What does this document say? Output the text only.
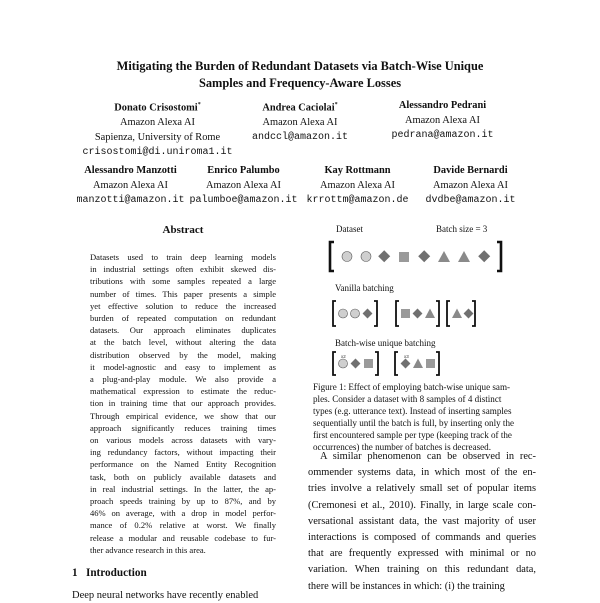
Mitigating the Burden of Redundant Datasets via Batch-Wise Unique
Samples and Frequency-Aware Losses
Donato Crisostomi*
Amazon Alexa AI
Sapienza, University of Rome
crisostomi@di.uniroma1.it
Andrea Caciolai*
Amazon Alexa AI
andccl@amazon.it
Alessandro Pedrani
Amazon Alexa AI
pedrana@amazon.it
Alessandro Manzotti
Amazon Alexa AI
manzotti@amazon.it
Enrico Palumbo
Amazon Alexa AI
palumboe@amazon.it
Kay Rottmann
Amazon Alexa AI
krrottm@amazon.de
Davide Bernardi
Amazon Alexa AI
dvdbe@amazon.it
Abstract
Datasets used to train deep learning models
in industrial settings often exhibit skewed dis-
tributions with some samples repeated a large
number of times. This paper presents a simple
yet effective solution to reduce the increased
burden of repeated computation on redundant
datasets. Our approach eliminates duplicates
at the batch level, without altering the data
distribution observed by the model, making
it model-agnostic and easy to implement as
a plug-and-play module. We also provide a
mathematical expression to estimate the reduc-
tion in training time that our approach provides.
Through empirical evidence, we show that our
approach significantly reduces training times
on various models across datasets with vary-
ing redundancy factors, without impacting their
performance on the Named Entity Recognition
task, both on publicly available datasets and
in real industrial settings. In the latter, the ap-
proach speeds training by up to 87%, and by
46% on average, with a drop in model perfor-
mance of 0.2% relative at worst. We finally
release a modular and reusable codebase to fur-
ther advance research in this area.
1   Introduction
Deep neural networks have recently enabled
Dataset	Batch size = 3
Vanilla batching
Batch-wise unique batching
x2	x3
Figure 1: Effect of employing batch-wise unique sam-
ples. Consider a dataset with 8 samples of 4 distinct
types (e.g. utterance text). Instead of inserting samples
sequentially until the batch is full, by inserting only the
first encountered sample per type (keeping track of the
occurrences) the number of batches is decreased.
A similar phenomenon can be observed in rec-
ommender systems data, in which most of the en-
tries involve a relatively small set of popular items
(Cremonesi et al., 2010). Finally, in large scale con-
versational assistant data, the vast majority of user
interactions is composed of commands and queries
that are frequently expressed with minimal or no
variation. When training on this redundant data,
there will be instances in which: (i) the training
